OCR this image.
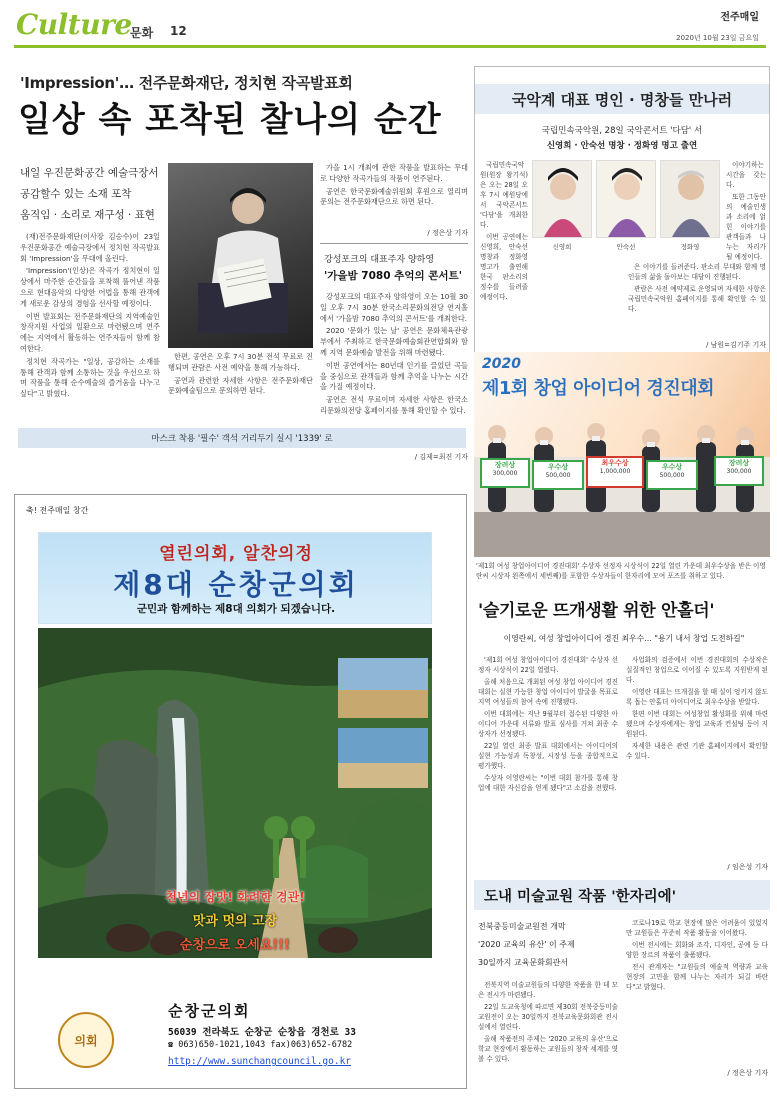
Culture
문화 12
전주매일
2020년 10월 23일 금요일
'Impression'… 전주문화재단, 정치현 작곡발표회
일상 속 포착된 찰나의 순간
내일 우진문화공간 예술극장서
공감할수 있는 소재 포착
움직임 · 소리로 재구성 · 표현

(재)전주문화재단(이사장 김승수)이 23일 우진문화공간 예술극장에서 정치현 작곡발표회 'Impression'을 무대에 올린다.

'Impression'(인상)은 작곡가 정치현이 일상에서 마주한 순간들을 포착해 풀어낸 작품으로 현대음악의 다양한 어법을 통해 관객에게 새로운 감상의 경험을 선사할 예정이다.

이번 발표회는 전주문화재단의 지역예술인 창작지원 사업의 일환으로 마련됐으며 연주에는 지역에서 활동하는 연주자들이 함께 참여한다.

정치현 작곡가는 "일상, 공감하는 소재를 통해 관객과 함께 소통하는 것을 우선으로 하며 작품을 통해 순수예술의 즐거움을 나누고 싶다"고 밝혔다.

한편, 공연은 오후 7시 30분 전석 무료로 진행되며 관람은 사전 예약을 통해 가능하다.

공연과 관련한 자세한 사항은 전주문화재단 문화예술팀으로 문의하면 된다.

마스크 착용 '필수' 객석 거리두기 실시 '1339' 로

가을 1시 개최에 관한 작품을 발표하는 무대로 다양한 작곡가들의 작품이 연주된다.

공연은 한국문화예술위원회 후원으로 열리며 문의는 전주문화재단으로 하면 된다.

/ 정은상 기자
강성포크의 대표주자 양하영
'가을밤 7080 추억의 콘서트'

강성포크의 대표주자 양하영이 오는 10월 30일 오후 7시 30분 한국소리문화의전당 연지홀에서 '가을밤 7080 추억의 콘서트'를 개최한다.

2020 '문화가 있는 날' 공연은 문화체육관광부에서 주최하고 한국문화예술회관연합회와 함께 지역 문화예술 발전을 위해 마련됐다.

이번 공연에서는 80년대 인기를 끌었던 곡들을 중심으로 관객들과 함께 추억을 나누는 시간을 가질 예정이다.

공연은 전석 무료이며 자세한 사항은 한국소리문화의전당 홈페이지를 통해 확인할 수 있다.

/ 김제=최진 기자
국악계 대표 명인 · 명창들 만나러
국립민속국악원, 28일 국악콘서트 '다담' 서
신영희 · 안숙선 명창 · 정화영 명고 출연

국립민속국악원(원장 왕기석)은 오는 28일 오후 7시 예원당에서 국악콘서트 '다담'을 개최한다.

이번 공연에는 신영희, 안숙선 명창과 정화영 명고가 출연해 한국 판소리의 정수를 들려줄 예정이다.

신영희	안숙선	정화영

이야기하는 시간을 갖는다.

또한 그동안의 예술인생과 소리에 얽힌 이야기를 관객들과 나누는 자리가 될 예정이다.

은 이야기를 들려준다. 판소리 무대와 함께 명인들의 삶을 돌아보는 대담이 진행된다.

관람은 사전 예약제로 운영되며 자세한 사항은 국립민속국악원 홈페이지를 통해 확인할 수 있다.

/ 남원=김기주 기자
2020
제1회 창업 아이디어 경진대회
장려상
300,000
우수상
500,000
최우수상
1,000,000
우수상
500,000
장려상
300,000
'제1회 여성 창업아이디어 경진대회' 수상자 선정자 시상식이 22일 열린 가운데 최우수상을 받은 이영란씨 시상자 왼쪽에서 세번째)를 포함한 수상자들이 한자리에 모여 포즈를 취하고 있다.
'슬기로운 뜨개생활 위한 안홀더'
이영란씨, 여성 창업아이디어 경진 최우수… "용기 내서 창업 도전하길"

'제1회 여성 창업아이디어 경진대회' 수상자 선정자 시상식이 22일 열렸다.

올해 처음으로 개최된 여성 창업 아이디어 경진대회는 실현 가능한 창업 아이디어 발굴을 목표로 지역 여성들의 참여 속에 진행됐다.

이번 대회에는 지난 9월부터 접수된 다양한 아이디어 가운데 서류와 발표 심사를 거쳐 최종 수상자가 선정됐다.

22일 열린 최종 발표 대회에서는 아이디어의 실현 가능성과 독창성, 시장성 등을 종합적으로 평가했다.

수상자 이영란씨는 "이번 대회 참가를 통해 창업에 대한 자신감을 얻게 됐다"고 소감을 전했다.

사업화의 검증에서 이번 경진대회의 수상작은 실질적인 창업으로 이어질 수 있도록 지원받게 된다.

이영란 대표는 뜨개질을 할 때 실이 엉키지 않도록 돕는 안홀더 아이디어로 최우수상을 받았다.

한편 이번 대회는 여성창업 활성화를 위해 마련됐으며 수상자에게는 창업 교육과 컨설팅 등이 지원된다.

자세한 내용은 관련 기관 홈페이지에서 확인할 수 있다.

/ 임은성 기자
도내 미술교원 작품 '한자리에'
전북중등미술교원전 개막
'2020 교육의 유산' 이 주제
30일까지 교육문화회관서

전북지역 미술교원들의 다양한 작품을 한 데 모은 전시가 마련됐다.

22일 도교육청에 따르면 제30회 전북중등미술교원전이 오는 30일까지 전북교육문화회관 전시실에서 열린다.

올해 작품전의 주제는 '2020 교육의 유산'으로 학교 현장에서 활동하는 교원들의 창작 세계를 엿볼 수 있다.

코로나19로 학교 현장에 많은 어려움이 있었지만 교원들은 꾸준히 작품 활동을 이어왔다.

이번 전시에는 회화와 조각, 디자인, 공예 등 다양한 장르의 작품이 출품됐다.

전시 관계자는 "교원들의 예술적 역량과 교육 현장의 고민을 함께 나누는 자리가 되길 바란다"고 밝혔다.

/ 정은상 기자
축! 전주매일 창간
열린의회, 알찬의정
제8대 순창군의회
군민과 함께하는 제8대 의회가 되겠습니다.
천년의 장맛! 화려한 경관!
맛과 멋의 고장
순창으로 오세요!!!
의회
순창군의회
56039 전라북도 순창군 순창읍 경천로 33
☎ 063)650-1021,1043 fax)063)652-6782
http://www.sunchangcouncil.go.kr
